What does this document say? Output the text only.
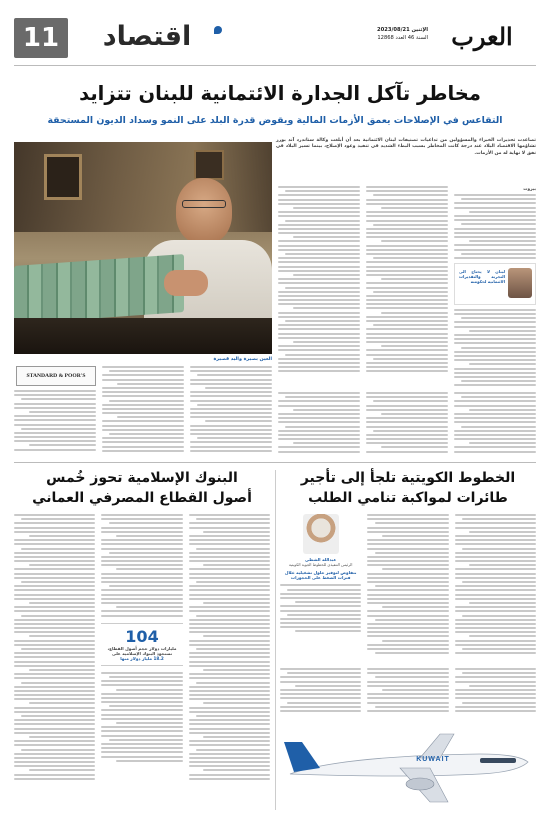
العرب
الإثنين 2023/08/21
السنة 46 العدد 12868
اقتصاد
11
مخاطر تآكل الجدارة الائتمانية للبنان تتزايد
التقاعس في الإصلاحات يعمق الأزمات المالية ويقوض قدرة البلد على النمو وسداد الديون المستحقة
تصاعدت تحذيرات الخبراء والمسؤولين من تداعيات تصنيفات لبنان الائتمانية بعد أن أبلغت وكالة ستاندرد آند بورز تشاؤمها الاقتصاد البلاد عند درجة كانت المخاطر بسبب البطء الشديد في تنفيذ وعود الإصلاح، بينما تسير البلاد في نفق لا نهاية له من الأزمات.
العين بصيرة واليد قصيرة
بيروت
لبنان لا يحتاج الى التجربة والتقديرات الائتمانية لحكومته
STANDARD & POOR'S
الخطوط الكويتية تلجأ إلى تأجير
طائرات لمواكبة تنامي الطلب
عبدالله الشطي
الرئيس التنفيذي للخطوط الجوية الكويتية
نتفاوض لتوفير حلول تشغيلية خلال فترات الضغط على الحجوزات
KUWAIT
البنوك الإسلامية تحوز خُمس
أصول القطاع المصرفي العماني
104
مليارات دولار حجم أصول القطاع، تستحوذ البنوك الإسلامية على
18.2 مليار دولار منها
